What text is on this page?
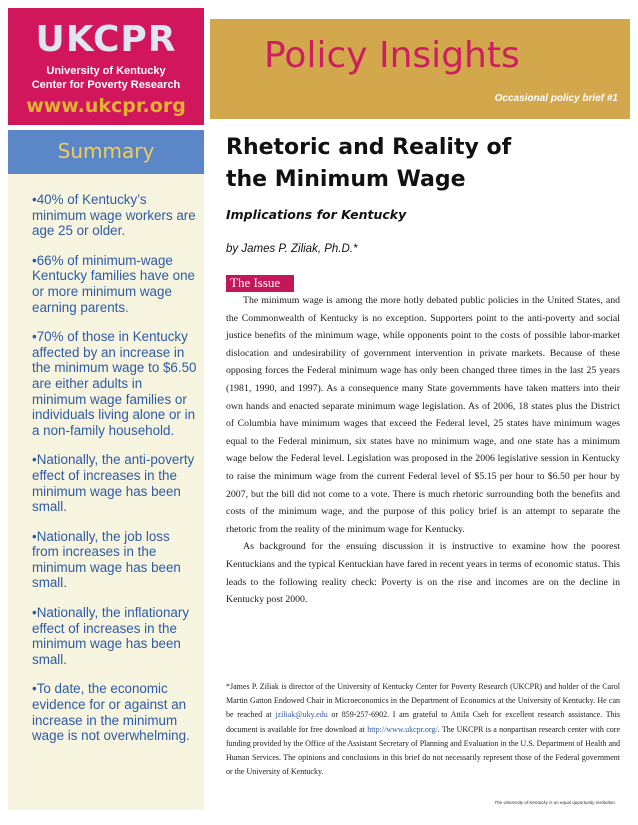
UKCPR
University of Kentucky
Center for Poverty Research
www.ukcpr.org
Policy Insights
Occasional policy brief #1
Summary
•40% of Kentucky’s minimum wage workers are age 25 or older.
•66% of minimum-wage Kentucky families have one or more minimum wage earning parents.
•70% of those in Kentucky affected by an increase in the minimum wage to $6.50 are either adults in minimum wage families or individuals living alone or in a non-family household.
•Nationally, the anti-poverty effect of increases in the minimum wage has been small.
•Nationally, the job loss from increases in the minimum wage has been small.
•Nationally, the inflationary effect of increases in the minimum wage has been small.
•To date, the economic evidence for or against an increase in the minimum wage is not overwhelming.
Rhetoric and Reality of
the Minimum Wage
Implications for Kentucky
by James P. Ziliak, Ph.D.*
The Issue

The minimum wage is among the more hotly debated public policies in the United States, and the Commonwealth of Kentucky is no exception. Supporters point to the anti-poverty and social justice benefits of the minimum wage, while opponents point to the costs of possible labor-market dislocation and undesirability of government intervention in private markets. Because of these opposing forces the Federal minimum wage has only been changed three times in the last 25 years (1981, 1990, and 1997). As a consequence many State governments have taken matters into their own hands and enacted separate minimum wage legislation. As of 2006, 18 states plus the District of Columbia have minimum wages that exceed the Federal level, 25 states have minimum wages equal to the Federal minimum, six states have no minimum wage, and one state has a minimum wage below the Federal level. Legislation was proposed in the 2006 legislative session in Kentucky to raise the minimum wage from the current Federal level of $5.15 per hour to $6.50 per hour by 2007, but the bill did not come to a vote. There is much rhetoric surrounding both the benefits and costs of the minimum wage, and the purpose of this policy brief is an attempt to separate the rhetoric from the reality of the minimum wage for Kentucky.

As background for the ensuing discussion it is instructive to examine how the poorest Kentuckians and the typical Kentuckian have fared in recent years in terms of economic status. This leads to the following reality check: Poverty is on the rise and incomes are on the decline in Kentucky post 2000.

*James P. Ziliak is director of the University of Kentucky Center for Poverty Research (UKCPR) and holder of the Carol Martin Gatton Endowed Chair in Microeconomics in the Department of Economics at the University of Kentucky. He can be reached at jziliak@uky.edu or 859-257-6902. I am grateful to Attila Cseh for excellent research assistance. This document is available for free download at http://www.ukcpr.org/. The UKCPR is a nonpartisan research center with core funding provided by the Office of the Assistant Secretary of Planning and Evaluation in the U.S. Department of Health and Human Services. The opinions and conclusions in this brief do not necessarily represent those of the Federal government or the University of Kentucky.
The University of Kentucky is an equal opportunity institution.
